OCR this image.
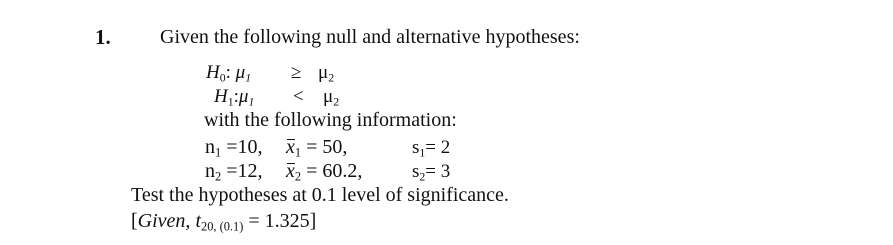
1. Given the following null and alternative hypotheses:
$H_0$: $\mu_1 \ge \mu_2$
$H_1:\mu_1 < \mu_2$
with the following information:
$n_1 =10$, $x_1 = 50$,	$s_1= 2$
$n_2 =12$, $x_2 = 60.2$,	$s_2= 3$
Test the hypotheses at 0.1 level of significance.
[Given, $t_{20, (0.1)} = 1.325$]
